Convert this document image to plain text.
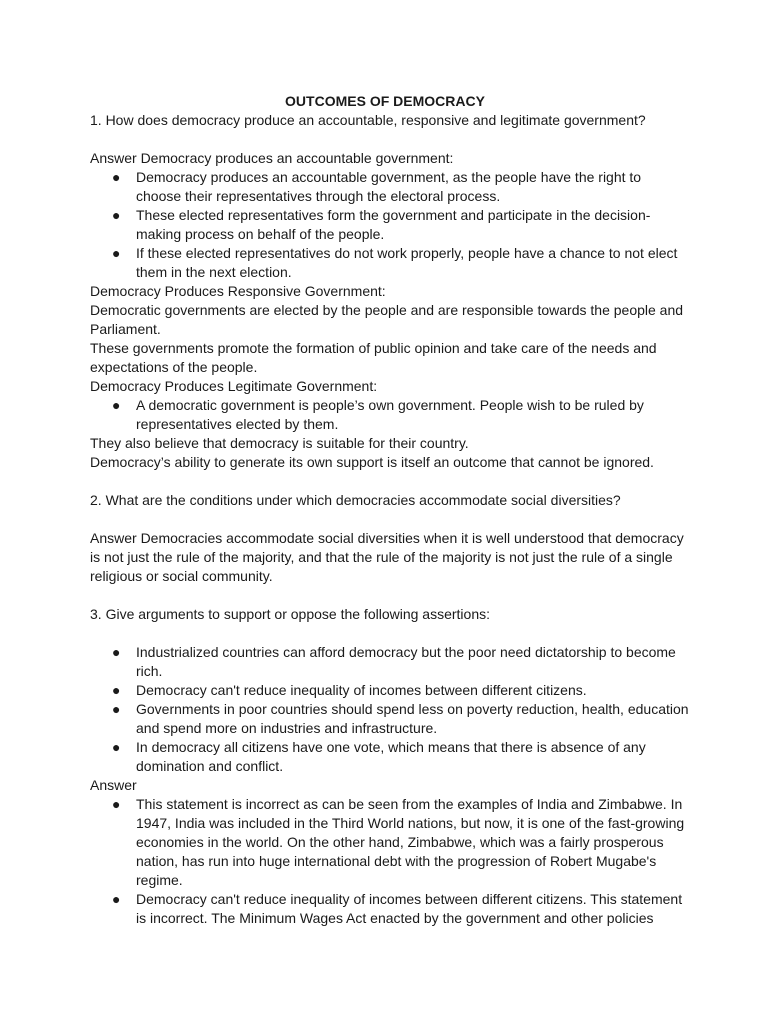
OUTCOMES OF DEMOCRACY

1. How does democracy produce an accountable, responsive and legitimate government?

Answer Democracy produces an accountable government:

● Democracy produces an accountable government, as the people have the right to choose their representatives through the electoral process.
● These elected representatives form the government and participate in the decision-making process on behalf of the people.
● If these elected representatives do not work properly, people have a chance to not elect them in the next election.

Democracy Produces Responsive Government:

Democratic governments are elected by the people and are responsible towards the people and Parliament.

These governments promote the formation of public opinion and take care of the needs and expectations of the people.

Democracy Produces Legitimate Government:

● A democratic government is people’s own government. People wish to be ruled by representatives elected by them.

They also believe that democracy is suitable for their country.

Democracy’s ability to generate its own support is itself an outcome that cannot be ignored.

2. What are the conditions under which democracies accommodate social diversities?

Answer Democracies accommodate social diversities when it is well understood that democracy is not just the rule of the majority, and that the rule of the majority is not just the rule of a single religious or social community.

3. Give arguments to support or oppose the following assertions:

● Industrialized countries can afford democracy but the poor need dictatorship to become rich.
● Democracy can't reduce inequality of incomes between different citizens.
● Governments in poor countries should spend less on poverty reduction, health, education and spend more on industries and infrastructure.
● In democracy all citizens have one vote, which means that there is absence of any domination and conflict.

Answer

● This statement is incorrect as can be seen from the examples of India and Zimbabwe. In 1947, India was included in the Third World nations, but now, it is one of the fast-growing economies in the world. On the other hand, Zimbabwe, which was a fairly prosperous nation, has run into huge international debt with the progression of Robert Mugabe's regime.
● Democracy can't reduce inequality of incomes between different citizens. This statement is incorrect. The Minimum Wages Act enacted by the government and other policies
